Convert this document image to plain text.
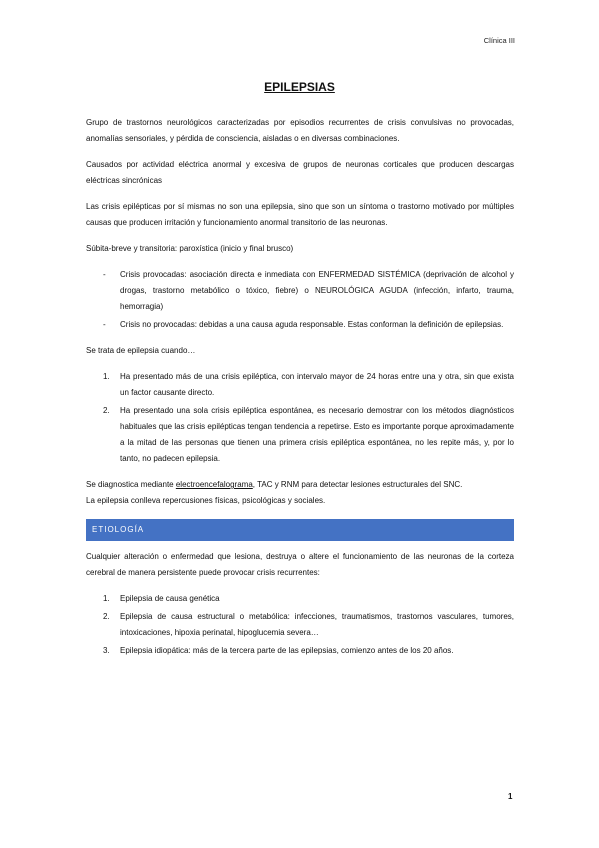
Clínica III
EPILEPSIAS

Grupo de trastornos neurológicos caracterizadas por episodios recurrentes de crisis convulsivas no provocadas, anomalías sensoriales, y pérdida de consciencia, aisladas o en diversas combinaciones.

Causados por actividad eléctrica anormal y excesiva de grupos de neuronas corticales que producen descargas eléctricas sincrónicas

Las crisis epilépticas por sí mismas no son una epilepsia, sino que son un síntoma o trastorno motivado por múltiples causas que producen irritación y funcionamiento anormal transitorio de las neuronas.

Súbita-breve y transitoria: paroxística (inicio y final brusco)

- Crisis provocadas: asociación directa e inmediata con ENFERMEDAD SISTÉMICA (deprivación de alcohol y drogas, trastorno metabólico o tóxico, fiebre) o NEUROLÓGICA AGUDA (infección, infarto, trauma, hemorragia)
- Crisis no provocadas: debidas a una causa aguda responsable. Estas conforman la definición de epilepsias.

Se trata de epilepsia cuando…

1. Ha presentado más de una crisis epiléptica, con intervalo mayor de 24 horas entre una y otra, sin que exista un factor causante directo.
2. Ha presentado una sola crisis epiléptica espontánea, es necesario demostrar con los métodos diagnósticos habituales que las crisis epilépticas tengan tendencia a repetirse. Esto es importante porque aproximadamente a la mitad de las personas que tienen una primera crisis epiléptica espontánea, no les repite más, y, por lo tanto, no padecen epilepsia.

Se diagnostica mediante electroencefalograma, TAC y RNM para detectar lesiones estructurales del SNC.
La epilepsia conlleva repercusiones físicas, psicológicas y sociales.

ETIOLOGÍA

Cualquier alteración o enfermedad que lesiona, destruya o altere el funcionamiento de las neuronas de la corteza cerebral de manera persistente puede provocar crisis recurrentes:

1. Epilepsia de causa genética
2. Epilepsia de causa estructural o metabólica: infecciones, traumatismos, trastornos vasculares, tumores, intoxicaciones, hipoxia perinatal, hipoglucemia severa…
3. Epilepsia idiopática: más de la tercera parte de las epilepsias, comienzo antes de los 20 años.
1
